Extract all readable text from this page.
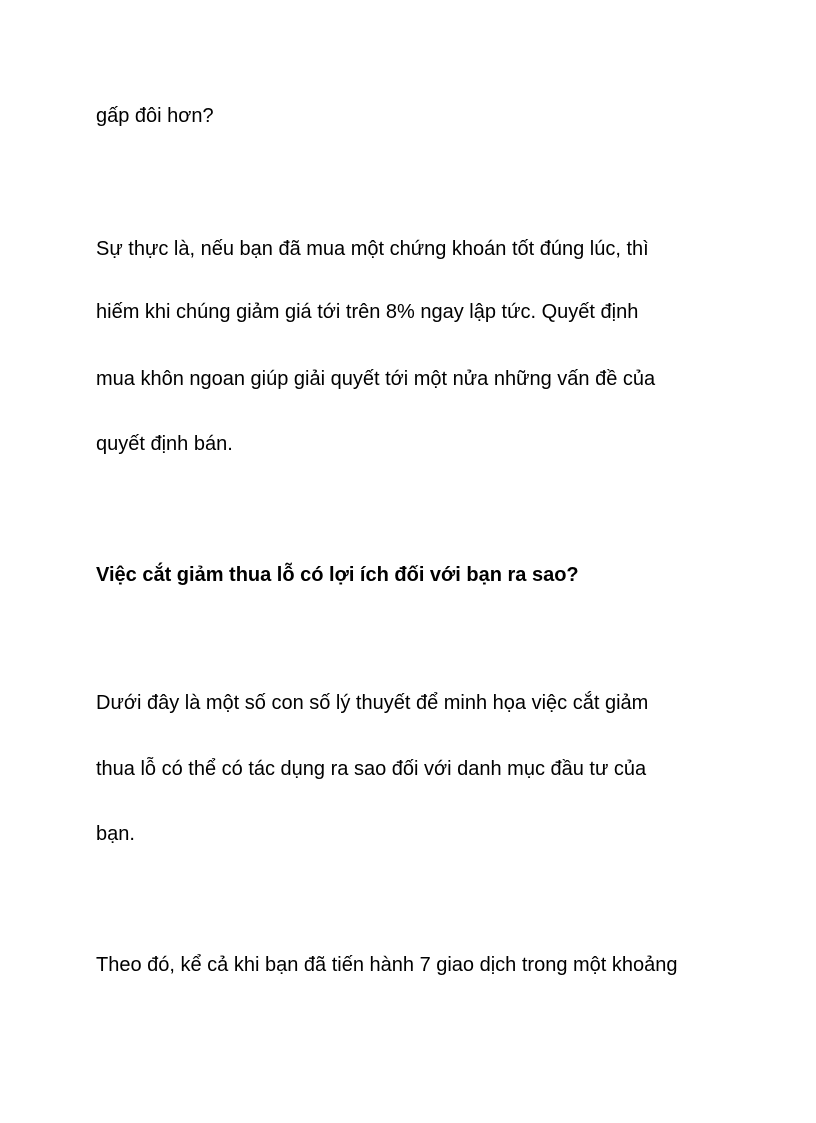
gấp đôi hơn?
Sự thực là, nếu bạn đã mua một chứng khoán tốt đúng lúc, thì
hiếm khi chúng giảm giá tới trên 8% ngay lập tức. Quyết định
mua khôn ngoan giúp giải quyết tới một nửa những vấn đề của
quyết định bán.
Việc cắt giảm thua lỗ có lợi ích đối với bạn ra sao?
Dưới đây là một số con số lý thuyết để minh họa việc cắt giảm
thua lỗ có thể có tác dụng ra sao đối với danh mục đầu tư của
bạn.
Theo đó, kể cả khi bạn đã tiến hành 7 giao dịch trong một khoảng
